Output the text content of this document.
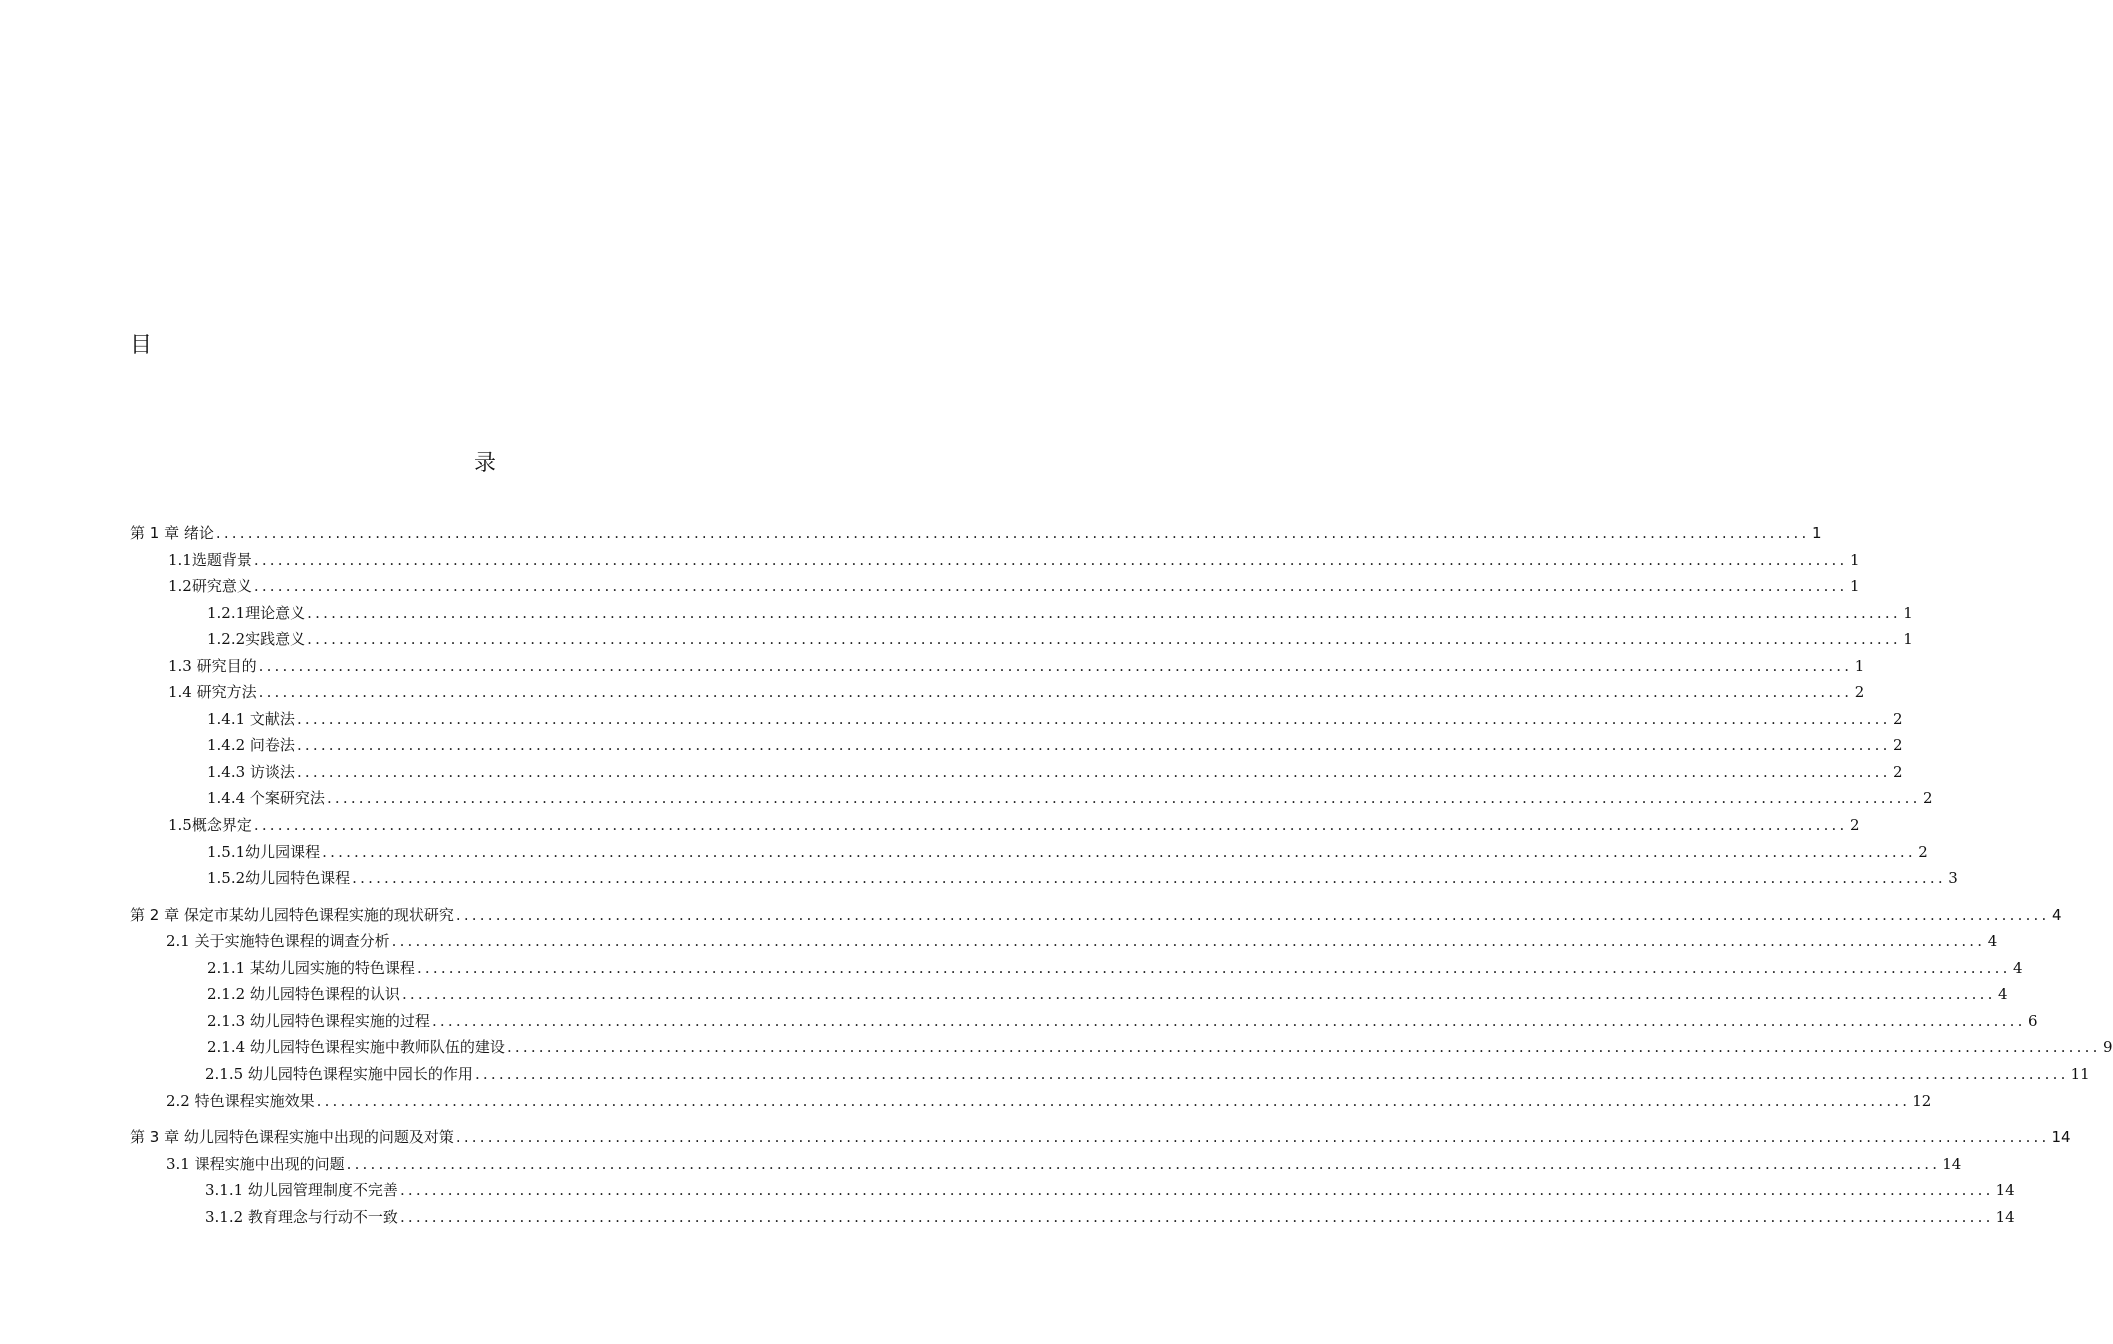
目
录
第 1 章 绪论 ........................................................................................................................................................................................................ 1
1.1选题背景 ........................................................................................................................................................................................................ 1
1.2研究意义 ........................................................................................................................................................................................................ 1
1.2.1理论意义 ........................................................................................................................................................................................................ 1
1.2.2实践意义 ........................................................................................................................................................................................................ 1
1.3 研究目的 ........................................................................................................................................................................................................ 1
1.4 研究方法 ........................................................................................................................................................................................................ 2
1.4.1 文献法 ........................................................................................................................................................................................................ 2
1.4.2 问卷法 ........................................................................................................................................................................................................ 2
1.4.3 访谈法 ........................................................................................................................................................................................................ 2
1.4.4 个案研究法 ........................................................................................................................................................................................................ 2
1.5概念界定 ........................................................................................................................................................................................................ 2
1.5.1幼儿园课程 ........................................................................................................................................................................................................ 2
1.5.2幼儿园特色课程 ........................................................................................................................................................................................................ 3
第 2 章 保定市某幼儿园特色课程实施的现状研究 ........................................................................................................................................................................................................ 4
2.1 关于实施特色课程的调查分析 ........................................................................................................................................................................................................ 4
2.1.1 某幼儿园实施的特色课程 ........................................................................................................................................................................................................ 4
2.1.2 幼儿园特色课程的认识 ........................................................................................................................................................................................................ 4
2.1.3 幼儿园特色课程实施的过程 ........................................................................................................................................................................................................ 6
2.1.4 幼儿园特色课程实施中教师队伍的建设 ........................................................................................................................................................................................................ 9
2.1.5 幼儿园特色课程实施中园长的作用 ........................................................................................................................................................................................................ 11
2.2 特色课程实施效果 ........................................................................................................................................................................................................ 12
第 3 章 幼儿园特色课程实施中出现的问题及对策 ........................................................................................................................................................................................................ 14
3.1 课程实施中出现的问题 ........................................................................................................................................................................................................ 14
3.1.1 幼儿园管理制度不完善 ........................................................................................................................................................................................................ 14
3.1.2 教育理念与行动不一致 ........................................................................................................................................................................................................ 14
